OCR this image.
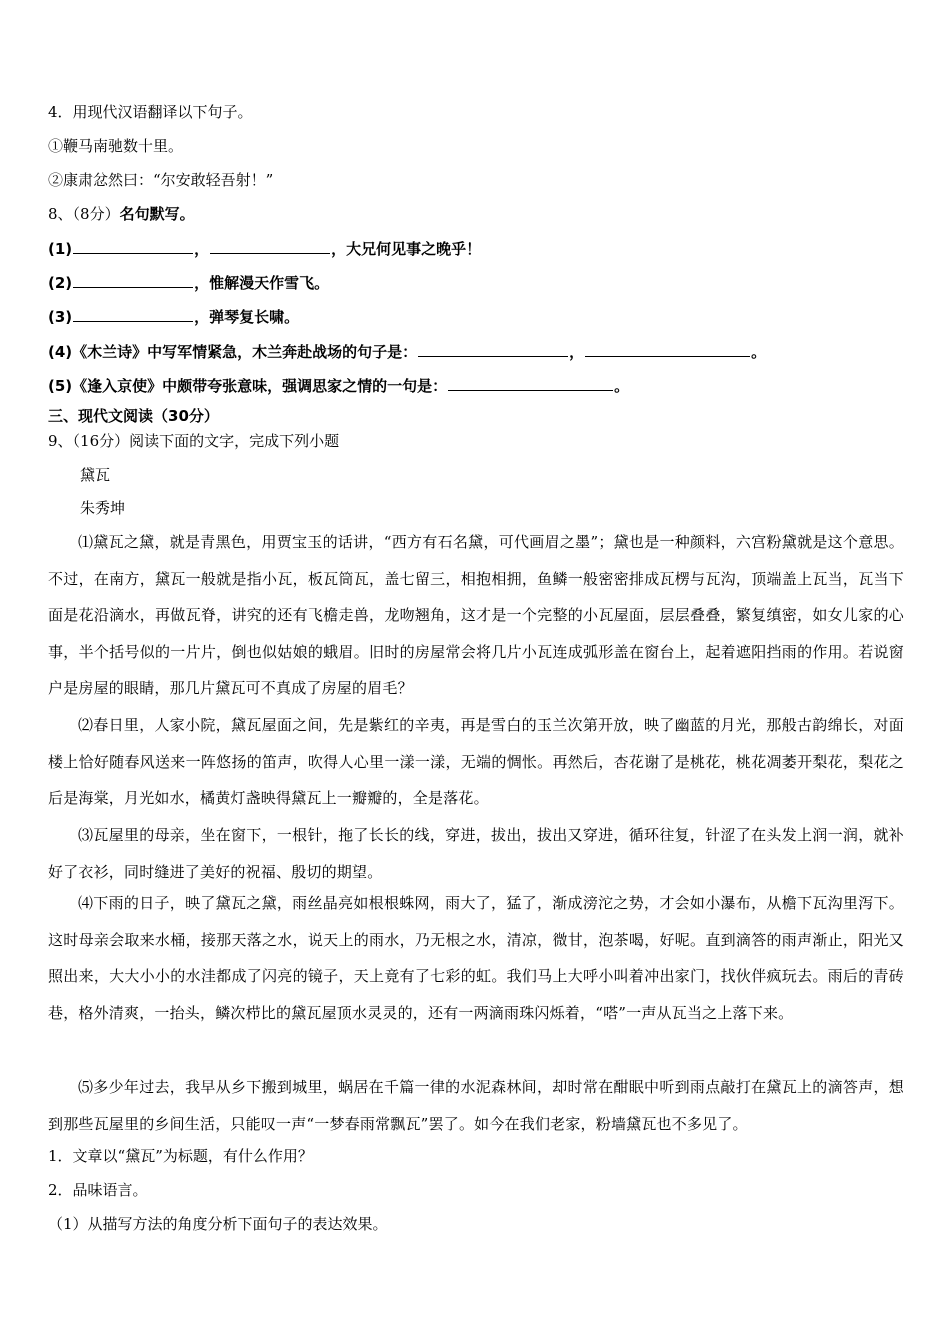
4．用现代汉语翻译以下句子。
①鞭马南驰数十里。
②康肃忿然曰：“尔安敢轻吾射！”
8、（8分）名句默写。
(1)	，	，大兄何见事之晚乎！
(2)	，惟解漫天作雪飞。
(3)	，弹琴复长啸。
(4)《木兰诗》中写军情紧急，木兰奔赴战场的句子是：	，	。
(5)《逢入京使》中颇带夸张意味，强调思家之情的一句是：	。
三、现代文阅读（30分）
9、（16分）阅读下面的文字，完成下列小题
黛瓦
朱秀坤
⑴黛瓦之黛，就是青黑色，用贾宝玉的话讲，“西方有石名黛，可代画眉之墨”；黛也是一种颜料，六宫粉黛就是这个意思。不过，在南方，黛瓦一般就是指小瓦，板瓦筒瓦，盖七留三，相抱相拥，鱼鳞一般密密排成瓦楞与瓦沟，顶端盖上瓦当，瓦当下面是花沿滴水，再做瓦脊，讲究的还有飞檐走兽，龙吻翘角，这才是一个完整的小瓦屋面，层层叠叠，繁复缜密，如女儿家的心事，半个括号似的一片片，倒也似姑娘的蛾眉。旧时的房屋常会将几片小瓦连成弧形盖在窗台上，起着遮阳挡雨的作用。若说窗户是房屋的眼睛，那几片黛瓦可不真成了房屋的眉毛？
⑵春日里，人家小院，黛瓦屋面之间，先是紫红的辛夷，再是雪白的玉兰次第开放，映了幽蓝的月光，那般古韵绵长，对面楼上恰好随春风送来一阵悠扬的笛声，吹得人心里一漾一漾，无端的惆怅。再然后，杏花谢了是桃花，桃花凋萎开梨花，梨花之后是海棠，月光如水，橘黄灯盏映得黛瓦上一瓣瓣的，全是落花。
⑶瓦屋里的母亲，坐在窗下，一根针，拖了长长的线，穿进，拔出，拔出又穿进，循环往复，针涩了在头发上润一润，就补好了衣衫，同时缝进了美好的祝福、殷切的期望。
⑷下雨的日子，映了黛瓦之黛，雨丝晶亮如根根蛛网，雨大了，猛了，渐成滂沱之势，才会如小瀑布，从檐下瓦沟里泻下。这时母亲会取来水桶，接那天落之水，说天上的雨水，乃无根之水，清凉，微甘，泡茶喝，好呢。直到滴答的雨声渐止，阳光又照出来，大大小小的水洼都成了闪亮的镜子，天上竟有了七彩的虹。我们马上大呼小叫着冲出家门，找伙伴疯玩去。雨后的青砖巷，格外清爽，一抬头，鳞次栉比的黛瓦屋顶水灵灵的，还有一两滴雨珠闪烁着，“嗒”一声从瓦当之上落下来。
⑸多少年过去，我早从乡下搬到城里，蜗居在千篇一律的水泥森林间，却时常在酣眠中听到雨点敲打在黛瓦上的滴答声，想到那些瓦屋里的乡间生活，只能叹一声“一梦春雨常飘瓦”罢了。如今在我们老家，粉墙黛瓦也不多见了。
1．文章以“黛瓦”为标题，有什么作用？
2．品味语言。
（1）从描写方法的角度分析下面句子的表达效果。
